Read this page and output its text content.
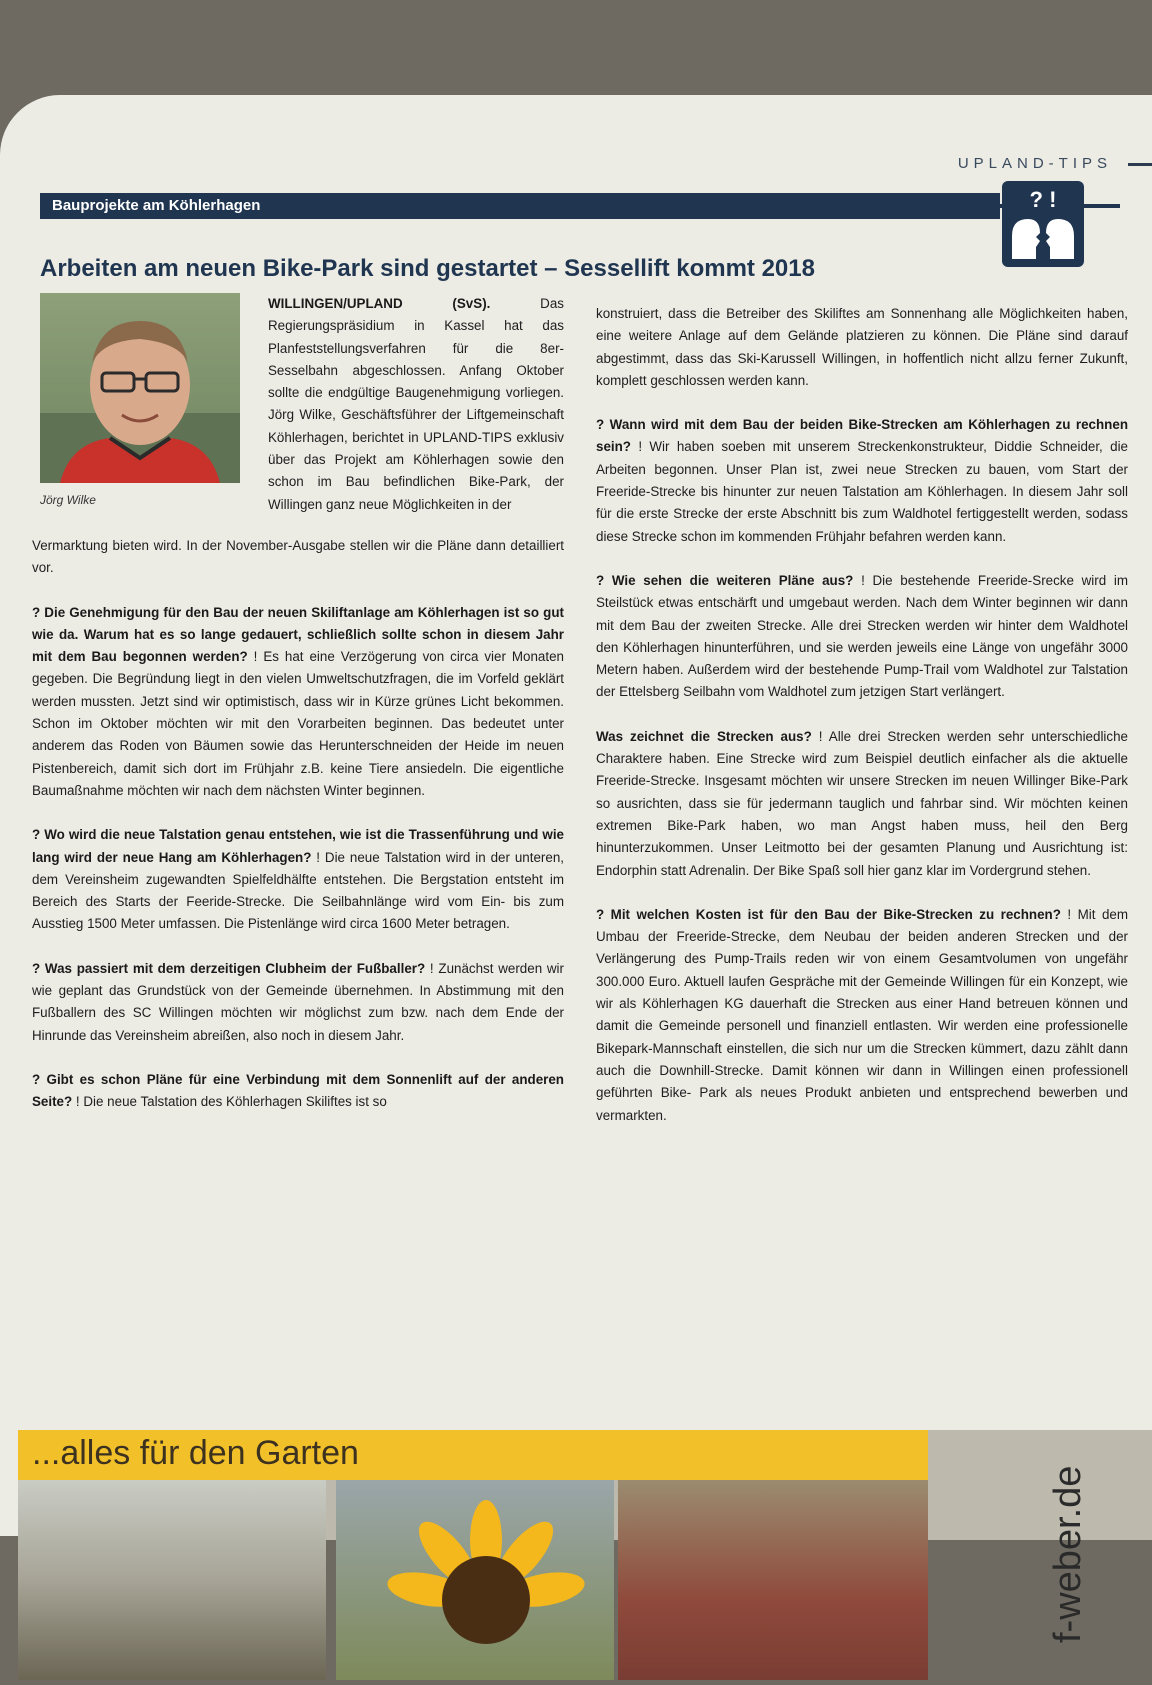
UPLAND-TIPS
Bauprojekte am Köhlerhagen	? !
Arbeiten am neuen Bike-Park sind gestartet – Sessellift kommt 2018
Jörg Wilke
WILLINGEN/UPLAND (SvS).	Das Regierungspräsidium in Kassel hat das Planfeststellungsverfahren für die 8er-Sesselbahn abgeschlossen. Anfang Oktober sollte die endgültige Baugenehmigung vorliegen. Jörg Wilke, Geschäftsführer der Liftgemeinschaft Köhlerhagen, berichtet in UPLAND-TIPS exklusiv über das Projekt am Köhlerhagen sowie den schon im Bau befindlichen Bike-Park, der Willingen ganz neue Möglichkeiten in der

Vermarktung bieten wird. In der November-Ausgabe stellen wir die Pläne dann detailliert vor.

? Die Genehmigung für den Bau der neuen Skiliftanlage am Köhlerhagen ist so gut wie da. Warum hat es so lange gedauert, schließlich sollte schon in diesem Jahr mit dem Bau begonnen werden? ! Es hat eine Verzögerung von circa vier Monaten gegeben. Die Begründung liegt in den vielen Umweltschutzfragen, die im Vorfeld geklärt werden mussten. Jetzt sind wir optimistisch, dass wir in Kürze grünes Licht bekommen. Schon im Oktober möchten wir mit den Vorarbeiten beginnen. Das bedeutet unter anderem das Roden von Bäumen sowie das Herunterschneiden der Heide im neuen Pistenbereich, damit sich dort im Frühjahr z.B. keine Tiere ansiedeln. Die eigentliche Baumaßnahme möchten wir nach dem nächsten Winter beginnen.

? Wo wird die neue Talstation genau entstehen, wie ist die Trassenführung und wie lang wird der neue Hang am Köhlerhagen? ! Die neue Talstation wird in der unteren, dem Vereinsheim zugewandten Spielfeldhälfte entstehen. Die Bergstation entsteht im Bereich des Starts der Feeride-Strecke. Die Seilbahnlänge wird vom Ein- bis zum Ausstieg 1500 Meter umfassen. Die Pistenlänge wird circa 1600 Meter betragen.

? Was passiert mit dem derzeitigen Clubheim der Fußballer? ! Zunächst werden wir wie geplant das Grundstück von der Gemeinde übernehmen. In Abstimmung mit den Fußballern des SC Willingen möchten wir möglichst zum bzw. nach dem Ende der Hinrunde das Vereinsheim abreißen, also noch in diesem Jahr.

? Gibt es schon Pläne für eine Verbindung mit dem Sonnenlift auf der anderen Seite? ! Die neue Talstation des Köhlerhagen Skiliftes ist so

konstruiert, dass die Betreiber des Skiliftes am Sonnenhang alle Möglichkeiten haben, eine weitere Anlage auf dem Gelände platzieren zu können. Die Pläne sind darauf abgestimmt, dass das Ski-Karussell Willingen, in hoffentlich nicht allzu ferner Zukunft, komplett geschlossen werden kann.

? Wann wird mit dem Bau der beiden Bike-Strecken am Köhlerhagen zu rechnen sein? ! Wir haben soeben mit unserem Streckenkonstrukteur, Diddie Schneider, die Arbeiten begonnen. Unser Plan ist, zwei neue Strecken zu bauen, vom Start der Freeride-Strecke bis hinunter zur neuen Talstation am Köhlerhagen. In diesem Jahr soll für die erste Strecke der erste Abschnitt bis zum Waldhotel fertiggestellt werden, sodass diese Strecke schon im kommenden Frühjahr befahren werden kann.

? Wie sehen die weiteren Pläne aus? ! Die bestehende Freeride-Srecke wird im Steilstück etwas entschärft und umgebaut werden. Nach dem Winter beginnen wir dann mit dem Bau der zweiten Strecke. Alle drei Strecken werden wir hinter dem Waldhotel den Köhlerhagen hinunterführen, und sie werden jeweils eine Länge von ungefähr 3000 Metern haben. Außerdem wird der bestehende Pump-Trail vom Waldhotel zur Talstation der Ettelsberg Seilbahn vom Waldhotel zum jetzigen Start verlängert.

Was zeichnet die Strecken aus? ! Alle drei Strecken werden sehr unterschiedliche Charaktere haben. Eine Strecke wird zum Beispiel deutlich einfacher als die aktuelle Freeride-Strecke. Insgesamt möchten wir unsere Strecken im neuen Willinger Bike-Park so ausrichten, dass sie für jedermann tauglich und fahrbar sind. Wir möchten keinen extremen Bike-Park haben, wo man Angst haben muss, heil den Berg hinunterzukommen. Unser Leitmotto bei der gesamten Planung und Ausrichtung ist: Endorphin statt Adrenalin. Der Bike Spaß soll hier ganz klar im Vordergrund stehen.

? Mit welchen Kosten ist für den Bau der Bike-Strecken zu rechnen? ! Mit dem Umbau der Freeride-Strecke, dem Neubau der beiden anderen Strecken und der Verlängerung des Pump-Trails reden wir von einem Gesamtvolumen von ungefähr 300.000 Euro. Aktuell laufen Gespräche mit der Gemeinde Willingen für ein Konzept, wie wir als Köhlerhagen KG dauerhaft die Strecken aus einer Hand betreuen können und damit die Gemeinde personell und finanziell entlasten. Wir werden eine professionelle Bikepark-Mannschaft einstellen, die sich nur um die Strecken kümmert, dazu zählt dann auch die Downhill-Strecke. Damit können wir dann in Willingen einen professionell geführten Bike- Park als neues Produkt anbieten und entsprechend bewerben und vermarkten.

...alles für den Garten
f-weber.de
